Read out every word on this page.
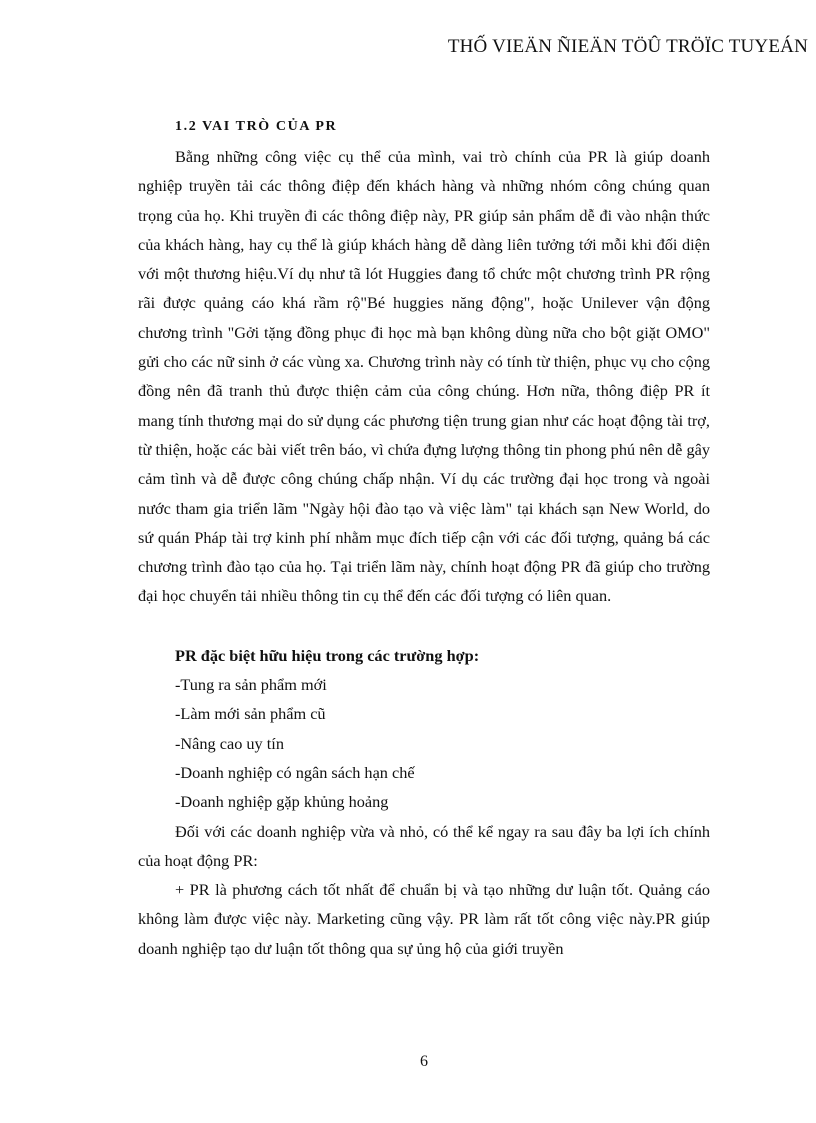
THỐ VIEÄN ÑIEÄN TÖÛ TRÖÏC TUYEÁN
1.2 VAI TRÒ CỦA PR

Bằng những công việc cụ thể của mình, vai trò chính của PR là giúp doanh nghiệp truyền tải các thông điệp đến khách hàng và những nhóm công chúng quan trọng của họ. Khi truyền đi các thông điệp này, PR giúp sản phẩm dễ đi vào nhận thức của khách hàng, hay cụ thể là giúp khách hàng dễ dàng liên tưởng tới mỗi khi đối diện với một thương hiệu.Ví dụ như tã lót Huggies đang tổ chức một chương trình PR rộng rãi được quảng cáo khá rầm rộ"Bé huggies năng động", hoặc Unilever vận động chương trình "Gởi tặng đồng phục đi học mà bạn không dùng nữa cho bột giặt OMO" gửi cho các nữ sinh ở các vùng xa. Chương trình này có tính từ thiện, phục vụ cho cộng đồng nên đã tranh thủ được thiện cảm của công chúng. Hơn nữa, thông điệp PR ít mang tính thương mại do sử dụng các phương tiện trung gian như các hoạt động tài trợ, từ thiện, hoặc các bài viết trên báo, vì chứa đựng lượng thông tin phong phú nên dễ gây cảm tình và dễ được công chúng chấp nhận. Ví dụ các trường đại học trong và ngoài nước tham gia triển lãm "Ngày hội đào tạo và việc làm" tại khách sạn New World, do sứ quán Pháp tài trợ kinh phí nhằm mục đích tiếp cận với các đối tượng, quảng bá các chương trình đào tạo của họ. Tại triển lãm này, chính hoạt động PR đã giúp cho trường đại học chuyển tải nhiều thông tin cụ thể đến các đối tượng có liên quan.

PR đặc biệt hữu hiệu trong các trường hợp:
-Tung ra sản phẩm mới
-Làm mới sản phẩm cũ
-Nâng cao uy tín
-Doanh nghiệp có ngân sách hạn chế
-Doanh nghiệp gặp khủng hoảng

Đối với các doanh nghiệp vừa và nhỏ, có thể kể ngay ra sau đây ba lợi ích chính của hoạt động PR:

+ PR là phương cách tốt nhất để chuẩn bị và tạo những dư luận tốt. Quảng cáo không làm được việc này. Marketing cũng vậy. PR làm rất tốt công việc này.PR giúp doanh nghiệp tạo dư luận tốt thông qua sự ủng hộ của giới truyền

6
